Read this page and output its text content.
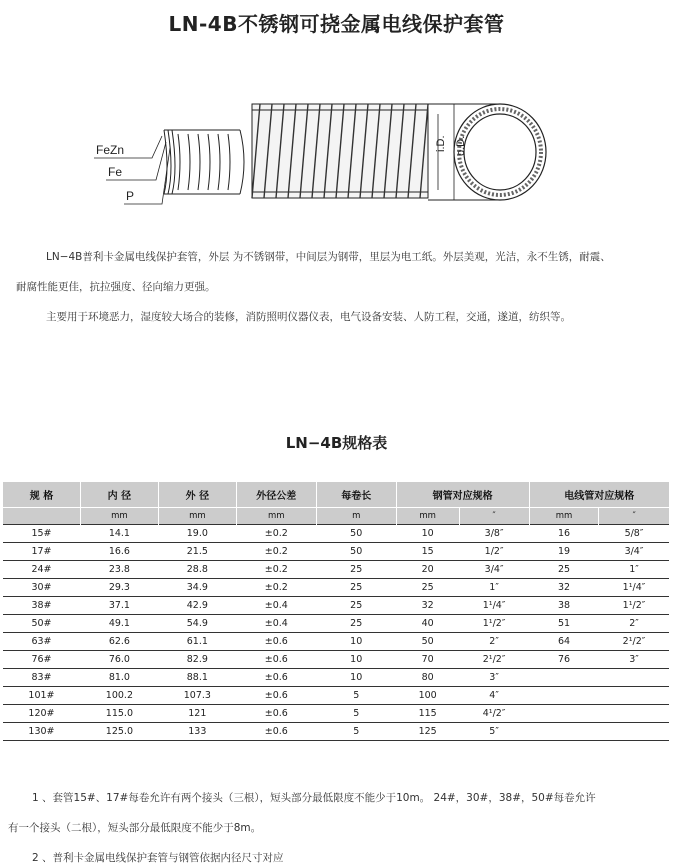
LN-4B不锈钢可挠金属电线保护套管
FeZn
Fe
P
i.D. o.D.
LN−4B普利卡金属电线保护套管，外层 为不锈钢带，中间层为钢带，里层为电工纸。外层美观，光洁，永不生锈，耐震、
耐腐性能更佳，抗拉强度、径向缩力更强。
主要用于环境恶力，湿度较大场合的装修，消防照明仪器仪表，电气设备安装、人防工程，交通，遂道，纺织等。
LN−4B规格表
规 格	内 径	外 径	外径公差	每卷长	钢管对应规格		电线管对应规格	
	mm	mm	mm	m	mm	″	mm	″
15#	14.1	19.0	±0.2	50	10	3/8″	16	5/8″
17#	16.6	21.5	±0.2	50	15	1/2″	19	3/4″
24#	23.8	28.8	±0.2	25	20	3/4″	25	1″
30#	29.3	34.9	±0.2	25	25	1″	32	1¹/4″
38#	37.1	42.9	±0.4	25	32	1¹/4″	38	1¹/2″
50#	49.1	54.9	±0.4	25	40	1¹/2″	51	2″
63#	62.6	61.1	±0.6	10	50	2″	64	2¹/2″
76#	76.0	82.9	±0.6	10	70	2¹/2″	76	3″
83#	81.0	88.1	±0.6	10	80	3″		
101#	100.2	107.3	±0.6	5	100	4″		
120#	115.0	121	±0.6	5	115	4¹/2″		
130#	125.0	133	±0.6	5	125	5″		
1 、套管15#、17#每卷允许有两个接头（三根），短头部分最低限度不能少于10m。 24#，30#，38#，50#每卷允许
有一个接头（二根），短头部分最低限度不能少于8m。
2 、普利卡金属电线保护套管与钢管依据内径尺寸对应
